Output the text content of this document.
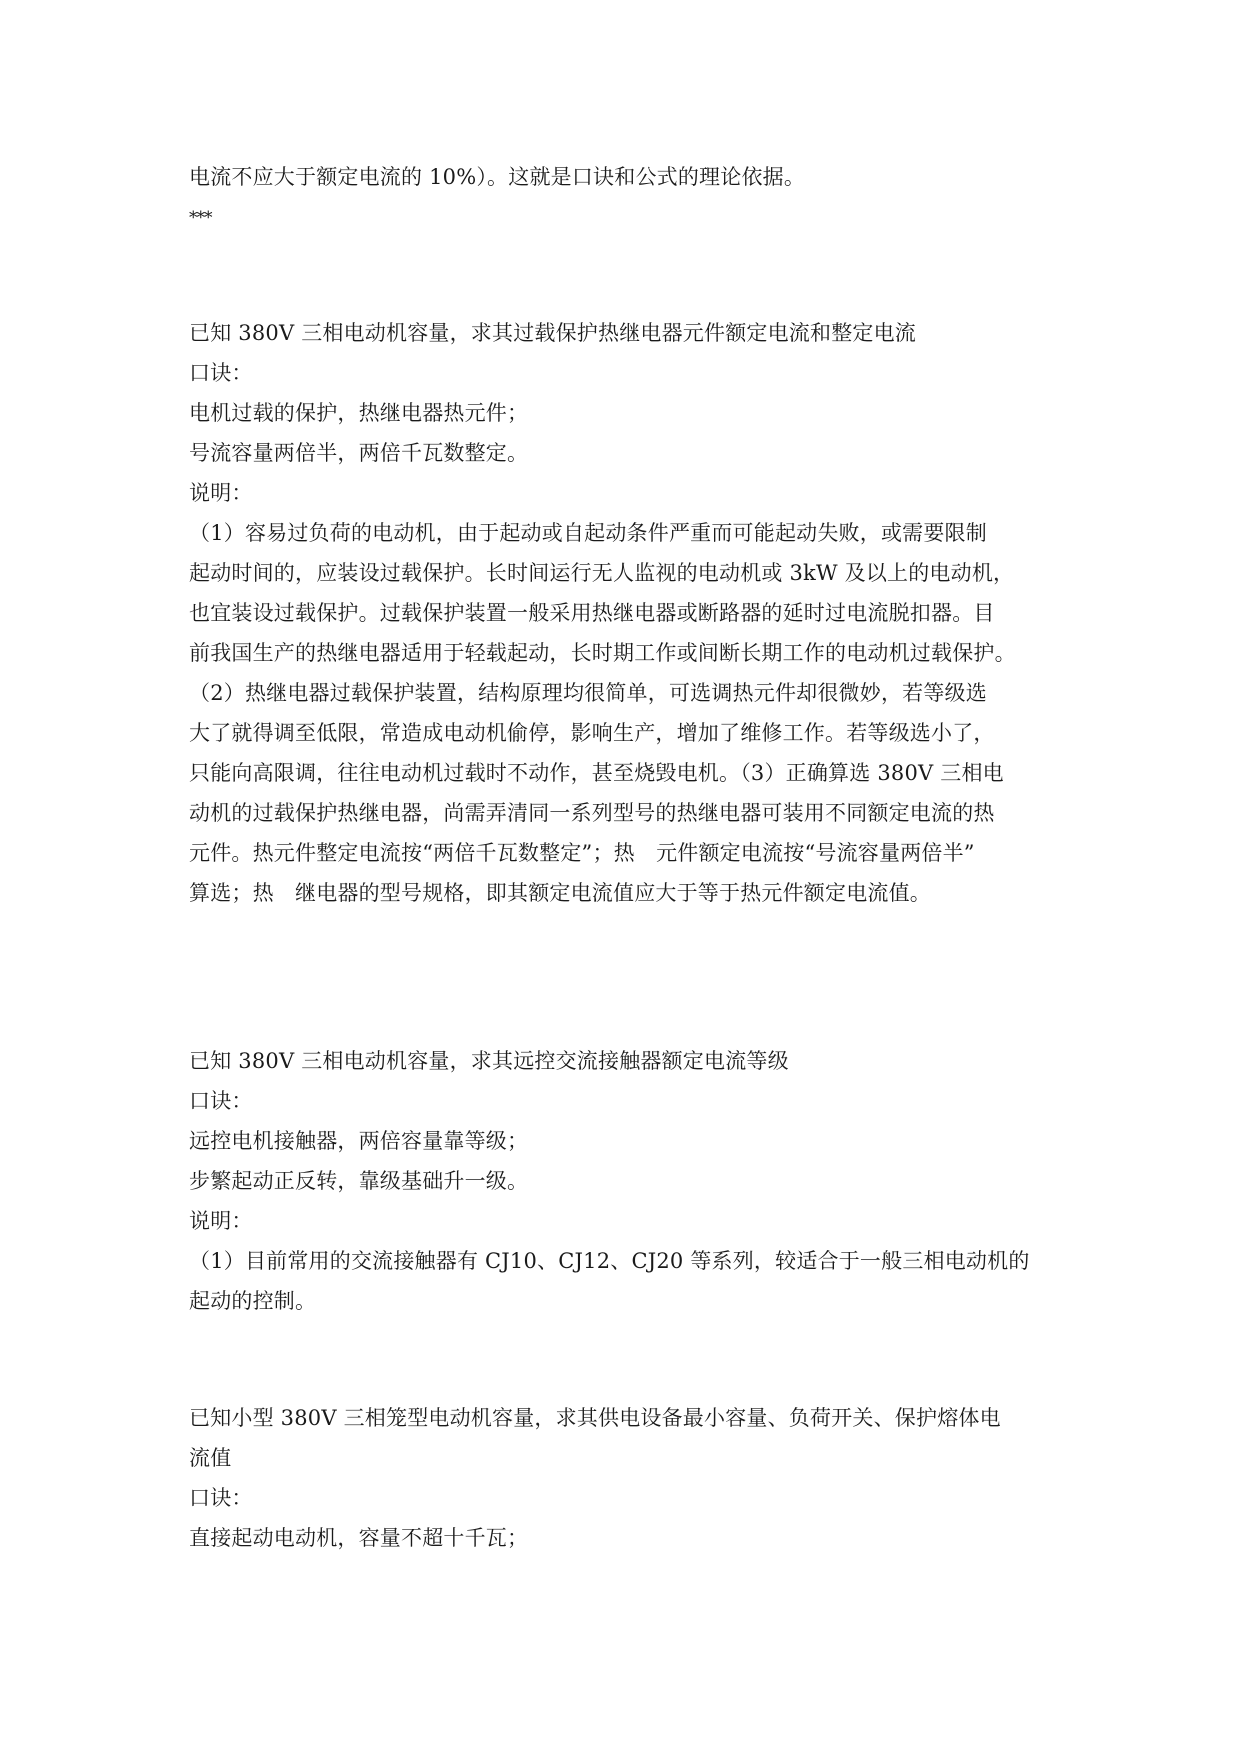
电流不应大于额定电流的 10%）。这就是口诀和公式的理论依据。
***
已知 380V 三相电动机容量，求其过载保护热继电器元件额定电流和整定电流
口诀：
电机过载的保护，热继电器热元件；
号流容量两倍半，两倍千瓦数整定。
说明：
（1）容易过负荷的电动机，由于起动或自起动条件严重而可能起动失败，或需要限制
起动时间的，应装设过载保护。长时间运行无人监视的电动机或 3kW 及以上的电动机，
也宜装设过载保护。过载保护装置一般采用热继电器或断路器的延时过电流脱扣器。目
前我国生产的热继电器适用于轻载起动，长时期工作或间断长期工作的电动机过载保护。
（2）热继电器过载保护装置，结构原理均很简单，可选调热元件却很微妙，若等级选
大了就得调至低限，常造成电动机偷停，影响生产，增加了维修工作。若等级选小了，
只能向高限调，往往电动机过载时不动作，甚至烧毁电机。（3）正确算选 380V 三相电
动机的过载保护热继电器，尚需弄清同一系列型号的热继电器可装用不同额定电流的热
元件。热元件整定电流按“两倍千瓦数整定”；热　元件额定电流按“号流容量两倍半”
算选；热　继电器的型号规格，即其额定电流值应大于等于热元件额定电流值。
已知 380V 三相电动机容量，求其远控交流接触器额定电流等级
口诀：
远控电机接触器，两倍容量靠等级；
步繁起动正反转，靠级基础升一级。
说明：
（1）目前常用的交流接触器有 CJ10、CJ12、CJ20 等系列，较适合于一般三相电动机的
起动的控制。
已知小型 380V 三相笼型电动机容量，求其供电设备最小容量、负荷开关、保护熔体电
流值
口诀：
直接起动电动机，容量不超十千瓦；
